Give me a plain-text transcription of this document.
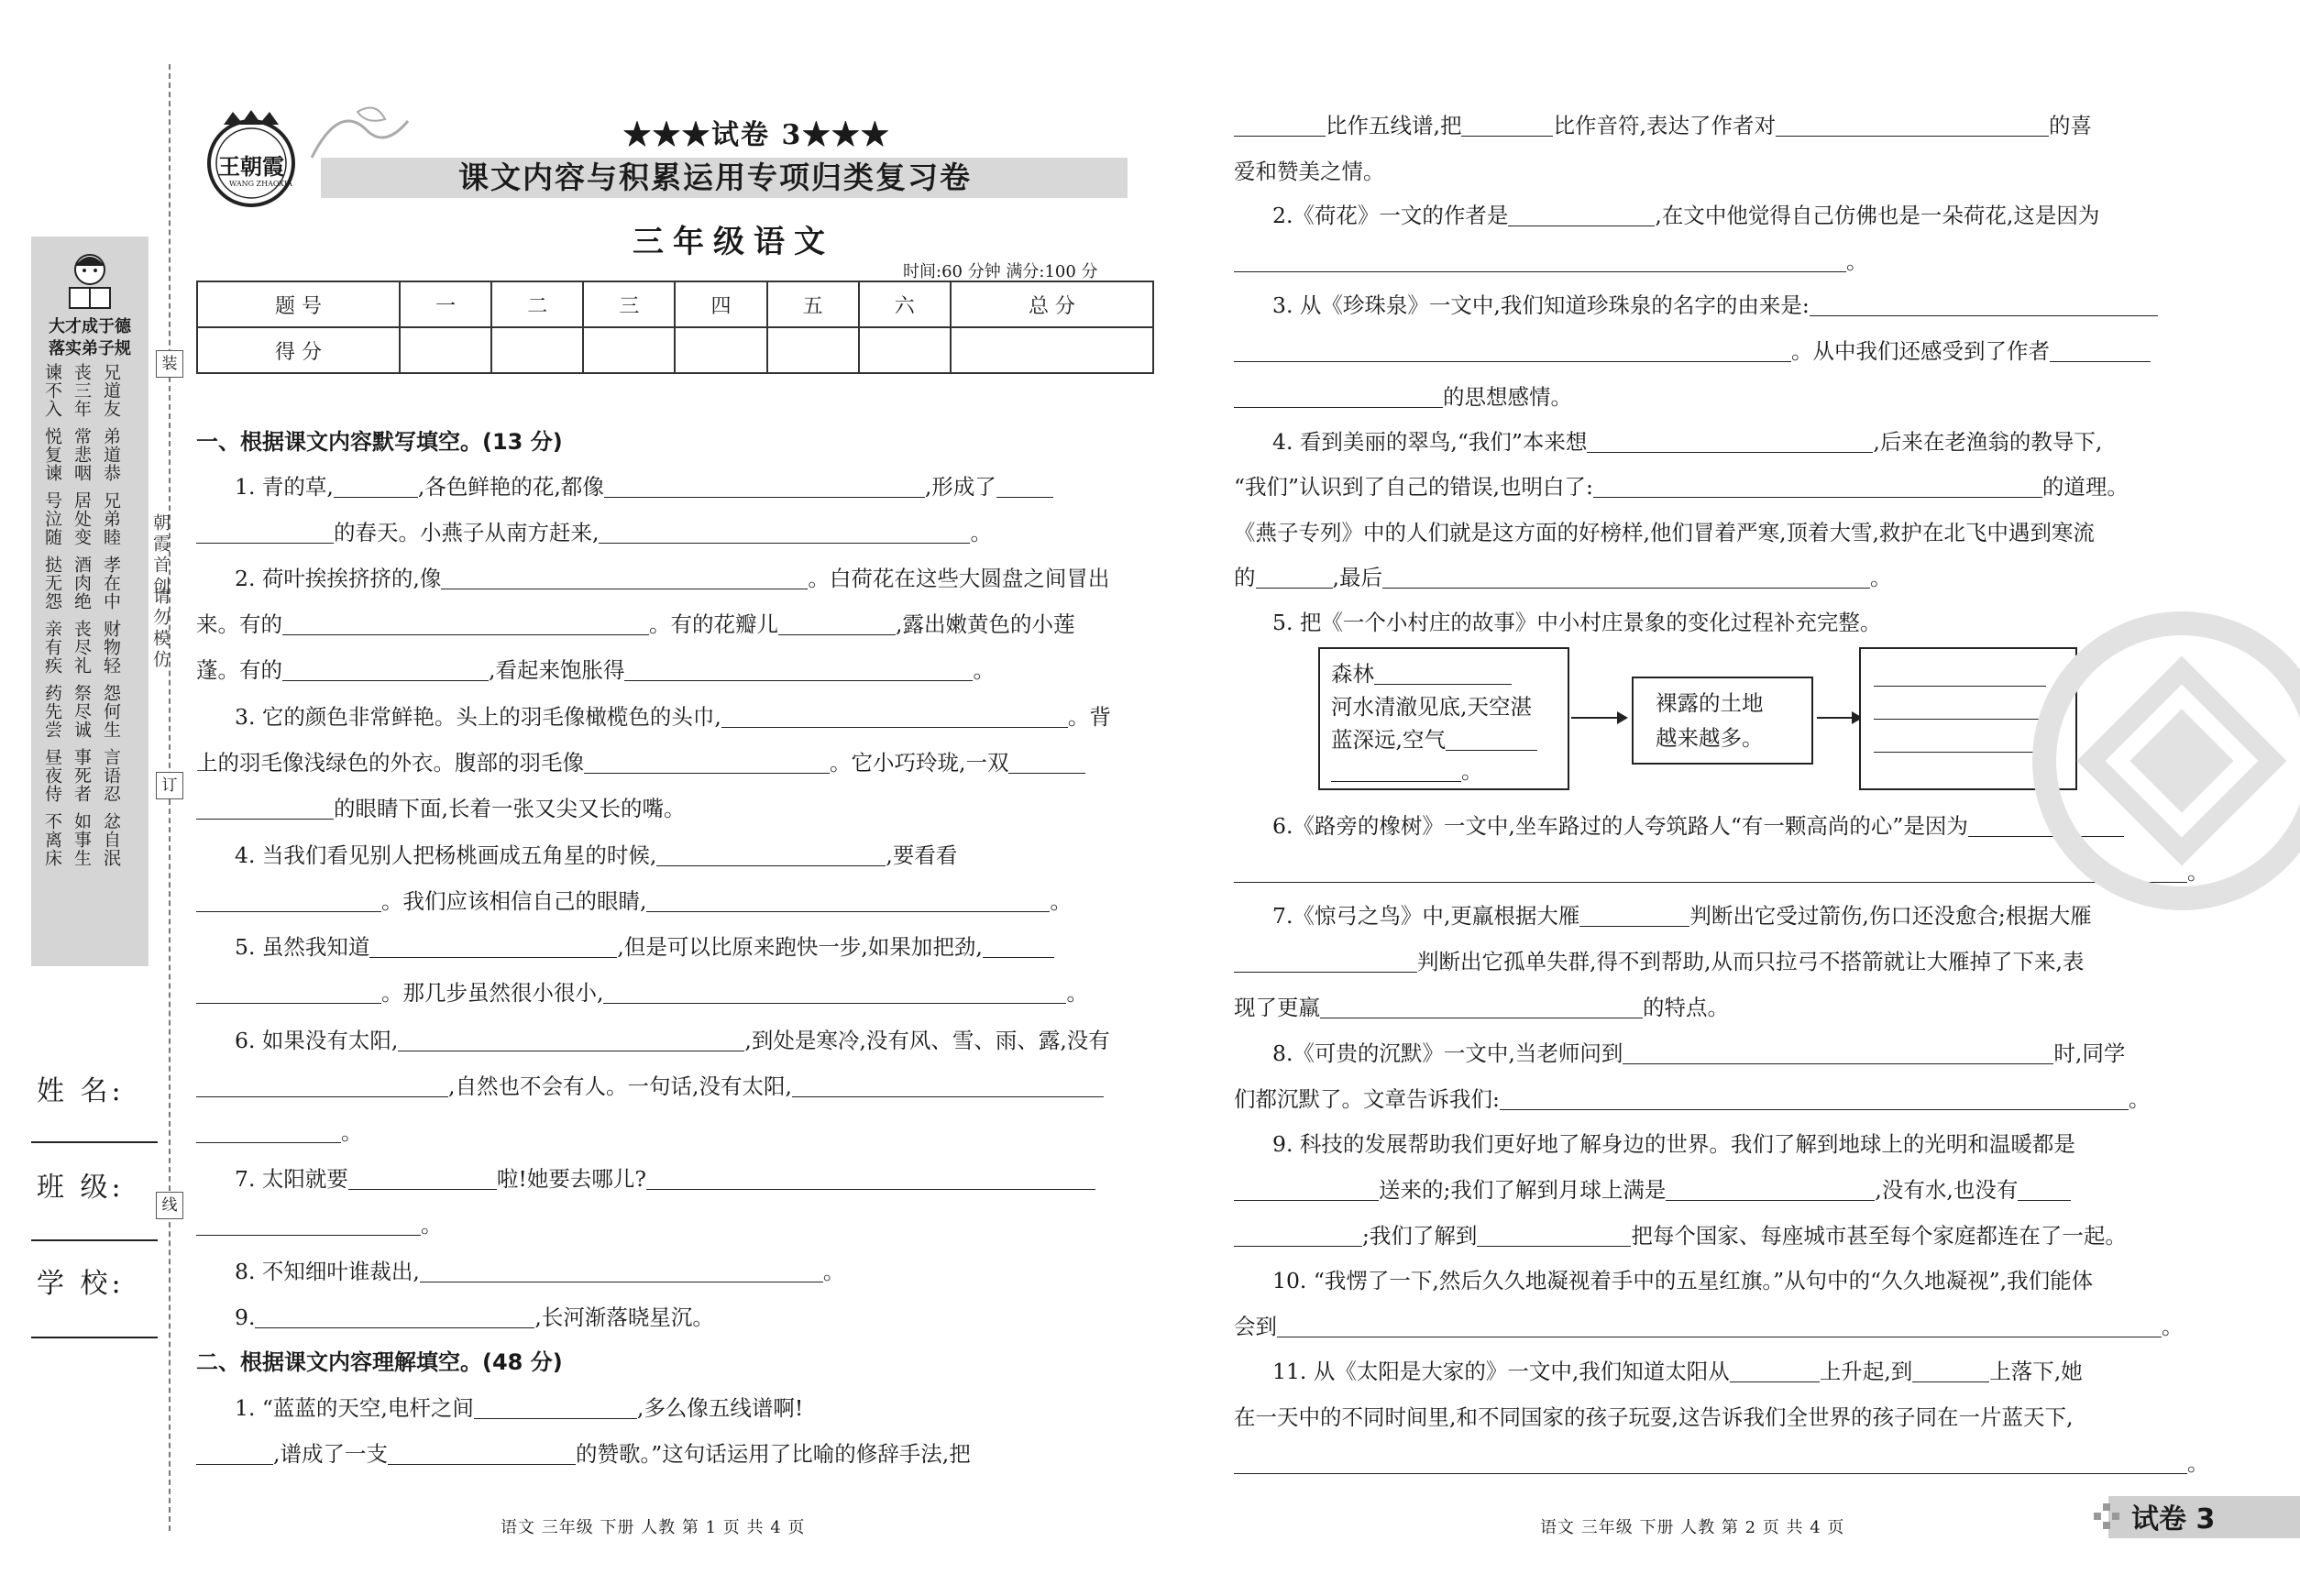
装
订
线
朝霞首创
请勿模仿
大才成于德
落实弟子规
谏不入 丧三年 兄道友
悦复谏 常悲咽 弟道恭
号泣随 居处变 兄弟睦
挞无怨 酒肉绝 孝在中
亲有疾 丧尽礼 财物轻
药先尝 祭尽诚 怨何生
昼夜侍 事死者 言语忍
不离床 如事生 忿自泯
姓 名:
班 级:
学 校:
王朝霞
WANG ZHAOXIA
★★★试卷 3★★★
课文内容与积累运用专项归类复习卷
三年级语文
时间:60 分钟 满分:100 分
题 号	一	二	三	四	五	六	总 分
得 分							
一、根据课文内容默写填空。(13 分)
1. 青的草,	,各色鲜艳的花,都像	,形成了
的春天。小燕子从南方赶来,	。
2. 荷叶挨挨挤挤的,像	。白荷花在这些大圆盘之间冒出
来。有的	。有的花瓣儿	,露出嫩黄色的小莲
蓬。有的	,看起来饱胀得	。
3. 它的颜色非常鲜艳。头上的羽毛像橄榄色的头巾,	。背
上的羽毛像浅绿色的外衣。腹部的羽毛像	。它小巧玲珑,一双
的眼睛下面,长着一张又尖又长的嘴。
4. 当我们看见别人把杨桃画成五角星的时候,	,要看看
。我们应该相信自己的眼睛,	。
5. 虽然我知道	,但是可以比原来跑快一步,如果加把劲,
。那几步虽然很小很小,	。
6. 如果没有太阳,	,到处是寒冷,没有风、雪、雨、露,没有
,自然也不会有人。一句话,没有太阳,
。
7. 太阳就要	啦!她要去哪儿?
。
8. 不知细叶谁裁出,	。
9.	,长河渐落晓星沉。
二、根据课文内容理解填空。(48 分)
1. “蓝蓝的天空,电杆之间	,多么像五线谱啊!
,谱成了一支	的赞歌。”这句话运用了比喻的修辞手法,把
语文 三年级 下册 人教 第 1 页 共 4 页
比作五线谱,把	比作音符,表达了作者对	的喜
爱和赞美之情。
2.《荷花》一文的作者是	,在文中他觉得自己仿佛也是一朵荷花,这是因为
。
3. 从《珍珠泉》一文中,我们知道珍珠泉的名字的由来是:
。从中我们还感受到了作者
的思想感情。
4. 看到美丽的翠鸟,“我们”本来想	,后来在老渔翁的教导下,
“我们”认识到了自己的错误,也明白了:	的道理。
《燕子专列》中的人们就是这方面的好榜样,他们冒着严寒,顶着大雪,救护在北飞中遇到寒流
的	,最后	。
5. 把《一个小村庄的故事》中小村庄景象的变化过程补充完整。
森林
河水清澈见底,天空湛
蓝深远,空气
。
裸露的土地
越来越多。	。
6.《路旁的橡树》一文中,坐车路过的人夸筑路人“有一颗高尚的心”是因为
。
7.《惊弓之鸟》中,更羸根据大雁	判断出它受过箭伤,伤口还没愈合;根据大雁
判断出它孤单失群,得不到帮助,从而只拉弓不搭箭就让大雁掉了下来,表
现了更羸	的特点。
8.《可贵的沉默》一文中,当老师问到	时,同学
们都沉默了。文章告诉我们:	。
9. 科技的发展帮助我们更好地了解身边的世界。我们了解到地球上的光明和温暖都是
送来的;我们了解到月球上满是	,没有水,也没有
;我们了解到	把每个国家、每座城市甚至每个家庭都连在了一起。
10. “我愣了一下,然后久久地凝视着手中的五星红旗。”从句中的“久久地凝视”,我们能体
会到	。
11. 从《太阳是大家的》一文中,我们知道太阳从	上升起,到	上落下,她
在一天中的不同时间里,和不同国家的孩子玩耍,这告诉我们全世界的孩子同在一片蓝天下,
。
语文 三年级 下册 人教 第 2 页 共 4 页	试卷 3
